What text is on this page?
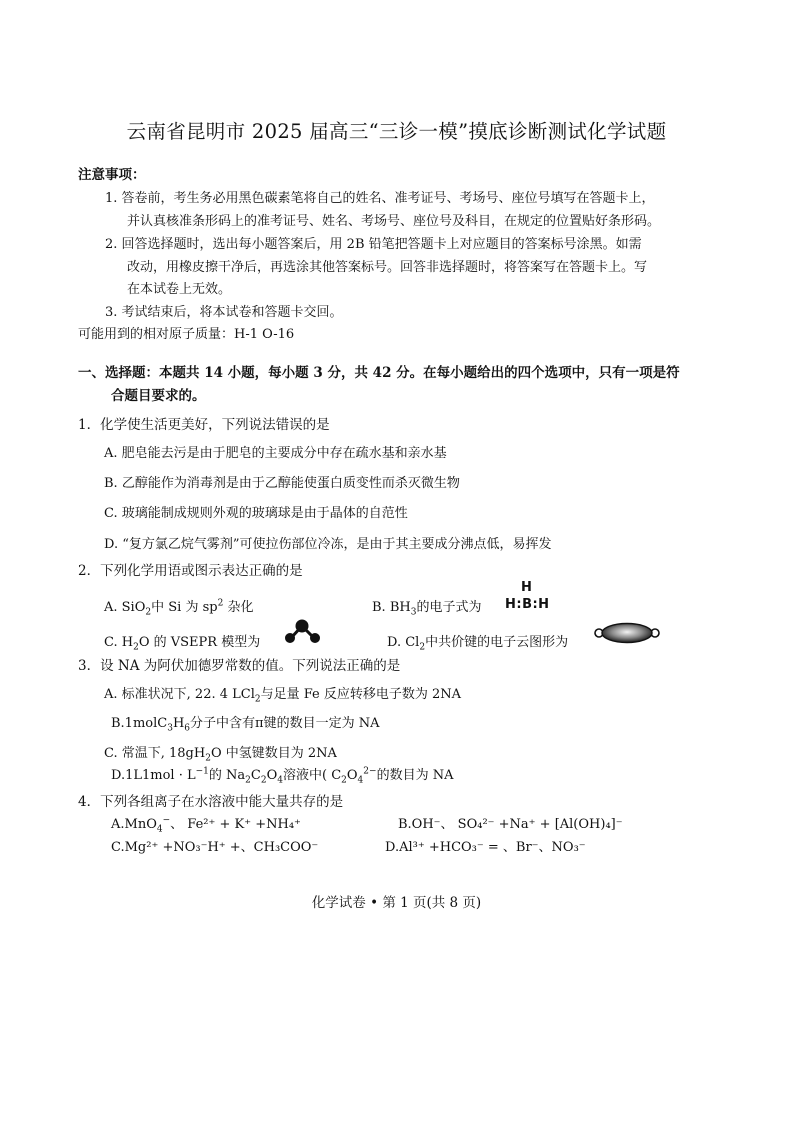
云南省昆明市 2025 届高三“三诊一模”摸底诊断测试化学试题
注意事项：
1. 答卷前，考生务必用黑色碳素笔将自己的姓名、准考证号、考场号、座位号填写在答题卡上，
并认真核准条形码上的准考证号、姓名、考场号、座位号及科目，在规定的位置贴好条形码。
2. 回答选择题时，选出每小题答案后，用 2B 铅笔把答题卡上对应题目的答案标号涂黑。如需
改动，用橡皮擦干净后，再选涂其他答案标号。回答非选择题时，将答案写在答题卡上。写
在本试卷上无效。
3. 考试结束后，将本试卷和答题卡交回。
可能用到的相对原子质量：H-1 O-16
一、选择题：本题共 14 小题，每小题 3 分，共 42 分。在每小题给出的四个选项中，只有一项是符
合题目要求的。
1．化学使生活更美好，下列说法错误的是
A. 肥皂能去污是由于肥皂的主要成分中存在疏水基和亲水基
B. 乙醇能作为消毒剂是由于乙醇能使蛋白质变性而杀灭微生物
C. 玻璃能制成规则外观的玻璃球是由于晶体的自范性
D. “复方氯乙烷气雾剂”可使拉伤部位冷冻，是由于其主要成分沸点低，易挥发
2．下列化学用语或图示表达正确的是
A. SiO$_2$中 Si 为 $sp^2$ 杂化	B. $BH_3$的电子式为
H
H:B:H
C. $H_2O$ 的 VSEPR 模型为	D. $Cl_2$中共价键的电子云图形为
3．设 NA 为阿伏加德罗常数的值。下列说法正确的是
A. 标准状况下, 22. 4 LCl$_2$与足量 Fe 反应转移电子数为 2NA
$B.1molC_3H_6$分子中含有π键的数目一定为 NA
C. 常温下, $18gH_2O$ 中氢键数目为 2NA
$D.1L1mol \cdot L^{-1}$的 $Na_2C_2O_4$溶液中( $C_2O_4^{2-}$的数目为 NA
4．下列各组离子在水溶液中能大量共存的是
A.MnO$_4$−、 Fe²⁺ + K⁺ +NH₄⁺	B.OH⁻、 SO₄²⁻ +Na⁺ + [Al(OH)₄]⁻
C.Mg²⁺ +NO₃⁻H⁺ +、CH₃COO⁻	D.Al³⁺ +HCO₃⁻ = 、Br⁻、NO₃⁻
化学试卷 • 第 1 页(共 8 页)
